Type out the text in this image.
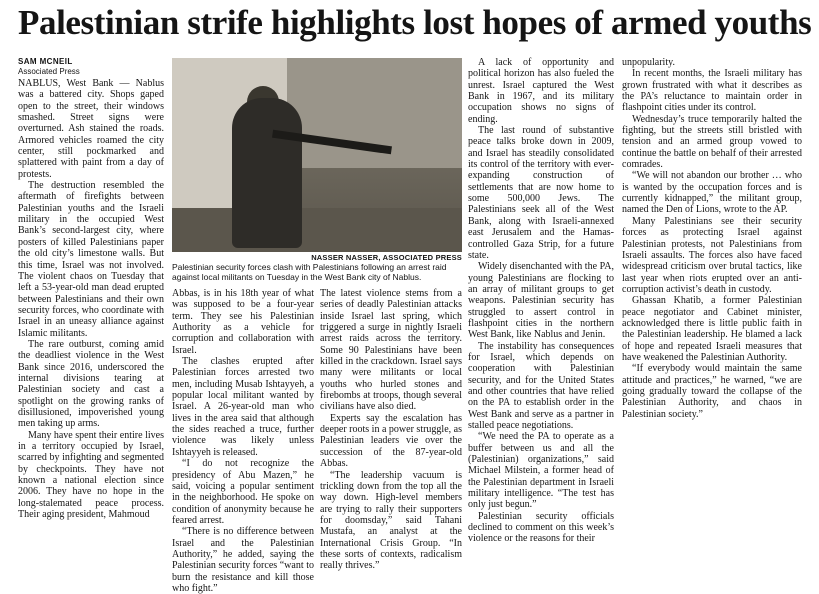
Palestinian strife highlights lost hopes of armed youths
SAM MCNEIL
Associated Press

NABLUS, West Bank — Nablus was a battered city. Shops gaped open to the street, their windows smashed. Street signs were overturned. Ash stained the roads. Armored vehicles roamed the city center, still pockmarked and splattered with paint from a day of protests.

The destruction resembled the aftermath of firefights between Palestinian youths and the Israeli military in the occupied West Bank’s second-largest city, where posters of killed Palestinians paper the old city’s limestone walls. But this time, Israel was not involved. The violent chaos on Tuesday that left a 53-year-old man dead erupted between Palestinians and their own security forces, who coordinate with Israel in an uneasy alliance against Islamic militants.

The rare outburst, coming amid the deadliest violence in the West Bank since 2016, underscored the internal divisions tearing at Palestinian society and cast a spotlight on the growing ranks of disillusioned, impoverished young men taking up arms.

Many have spent their entire lives in a territory occupied by Israel, scarred by infighting and segmented by checkpoints. They have not known a national election since 2006. They have no hope in the long-stalemated peace process. Their aging president, Mahmoud

NASSER NASSER, ASSOCIATED PRESS
Palestinian security forces clash with Palestinians following an arrest raid against local militants on Tuesday in the West Bank city of Nablus.

Abbas, is in his 18th year of what was supposed to be a four-year term. They see his Palestinian Authority as a vehicle for corruption and collaboration with Israel.

The clashes erupted after Palestinian forces arrested two men, including Musab Ishtayyeh, a popular local militant wanted by Israel. A 26-year-old man who lives in the area said that although the sides reached a truce, further violence was likely unless Ishtayyeh is released.

“I do not recognize the presidency of Abu Mazen,” he said, voicing a popular sentiment in the neighborhood. He spoke on condition of anonymity because he feared arrest.

“There is no difference between Israel and the Palestinian Authority,” he added, saying the Palestinian security forces “want to burn the resistance and kill those who fight.”

The latest violence stems from a series of deadly Palestinian attacks inside Israel last spring, which triggered a surge in nightly Israeli arrest raids across the territory. Some 90 Palestinians have been killed in the crackdown. Israel says many were militants or local youths who hurled stones and firebombs at troops, though several civilians have also died.

Experts say the escalation has deeper roots in a power struggle, as Palestinian leaders vie over the succession of the 87-year-old Abbas.

“The leadership vacuum is trickling down from the top all the way down. High-level members are trying to rally their supporters for doomsday,” said Tahani Mustafa, an analyst at the International Crisis Group. “In these sorts of contexts, radicalism really thrives.”

A lack of opportunity and political horizon has also fueled the unrest. Israel captured the West Bank in 1967, and its military occupation shows no signs of ending.

The last round of substantive peace talks broke down in 2009, and Israel has steadily consolidated its control of the territory with ever-expanding construction of settlements that are now home to some 500,000 Jews. The Palestinians seek all of the West Bank, along with Israeli-annexed east Jerusalem and the Hamas-controlled Gaza Strip, for a future state.

Widely disenchanted with the PA, young Palestinians are flocking to an array of militant groups to get weapons. Palestinian security has struggled to assert control in flashpoint cities in the northern West Bank, like Nablus and Jenin.

The instability has consequences for Israel, which depends on cooperation with Palestinian security, and for the United States and other countries that have relied on the PA to establish order in the West Bank and serve as a partner in stalled peace negotiations.

“We need the PA to operate as a buffer between us and all the (Palestinian) organizations,” said Michael Milstein, a former head of the Palestinian department in Israeli military intelligence. “The test has only just begun.”

Palestinian security officials declined to comment on this week’s violence or the reasons for their

unpopularity.

In recent months, the Israeli military has grown frustrated with what it describes as the PA’s reluctance to maintain order in flashpoint cities under its control.

Wednesday’s truce temporarily halted the fighting, but the streets still bristled with tension and an armed group vowed to continue the battle on behalf of their arrested comrades.

“We will not abandon our brother … who is wanted by the occupation forces and is currently kidnapped,” the militant group, named the Den of Lions, wrote to the AP.

Many Palestinians see their security forces as protecting Israel against Palestinian protests, not Palestinians from Israeli assaults. The forces also have faced widespread criticism over brutal tactics, like last year when riots erupted over an anti-corruption activist’s death in custody.

Ghassan Khatib, a former Palestinian peace negotiator and Cabinet minister, acknowledged there is little public faith in the Palestinian leadership. He blamed a lack of hope and repeated Israeli measures that have weakened the Palestinian Authority.

“If everybody would maintain the same attitude and practices,” he warned, “we are going gradually toward the collapse of the Palestinian Authority, and chaos in Palestinian society.”
